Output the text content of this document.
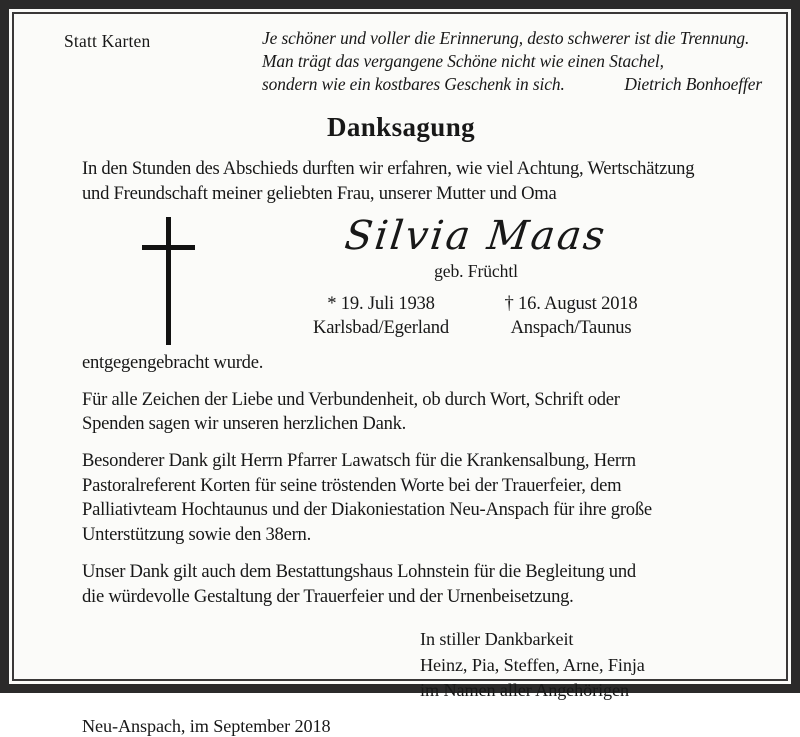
Statt Karten	Je schöner und voller die Erinnerung, desto schwerer ist die Trennung.
Man trägt das vergangene Schöne nicht wie einen Stachel,
sondern wie ein kostbares Geschenk in sich.	Dietrich Bonhoeffer
Danksagung
In den Stunden des Abschieds durften wir erfahren, wie viel Achtung, Wertschätzung
und Freundschaft meiner geliebten Frau, unserer Mutter und Oma
Silvia Maas
geb. Früchtl
* 19. Juli 1938
Karlsbad/Egerland
† 16. August 2018
Anspach/Taunus

entgegengebracht wurde.

Für alle Zeichen der Liebe und Verbundenheit, ob durch Wort, Schrift oder
Spenden sagen wir unseren herzlichen Dank.

Besonderer Dank gilt Herrn Pfarrer Lawatsch für die Krankensalbung, Herrn
Pastoralreferent Korten für seine tröstenden Worte bei der Trauerfeier, dem
Palliativteam Hochtaunus und der Diakoniestation Neu-Anspach für ihre große
Unterstützung sowie den 38ern.

Unser Dank gilt auch dem Bestattungshaus Lohnstein für die Begleitung und
die würdevolle Gestaltung der Trauerfeier und der Urnenbeisetzung.

In stiller Dankbarkeit
Heinz, Pia, Steffen, Arne, Finja
im Namen aller Angehörigen
Neu-Anspach, im September 2018
